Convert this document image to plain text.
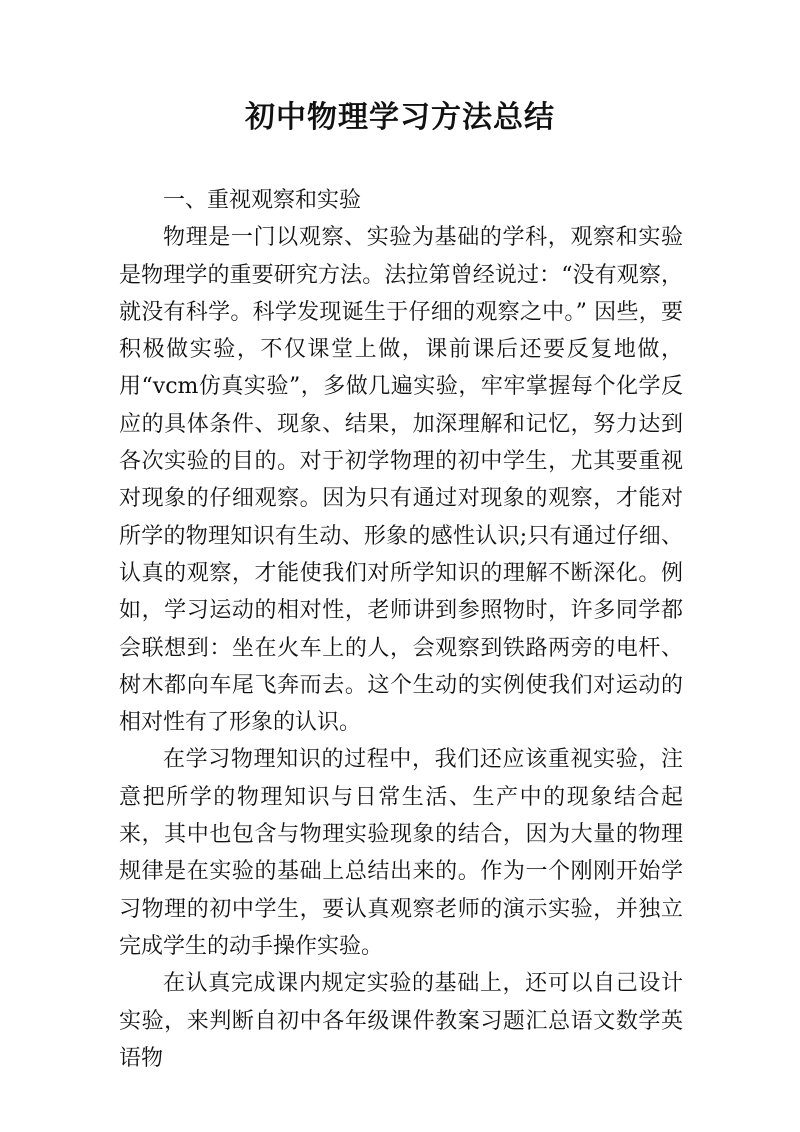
初中物理学习方法总结

一、重视观察和实验

物理是一门以观察、实验为基础的学科，观察和实验是物理学的重要研究方法。法拉第曾经说过：“没有观察，就没有科学。科学发现诞生于仔细的观察之中。” 因些，要积极做实验，不仅课堂上做，课前课后还要反复地做，用“vcm仿真实验”，多做几遍实验，牢牢掌握每个化学反应的具体条件、现象、结果，加深理解和记忆，努力达到各次实验的目的。对于初学物理的初中学生，尤其要重视对现象的仔细观察。因为只有通过对现象的观察，才能对所学的物理知识有生动、形象的感性认识;只有通过仔细、认真的观察，才能使我们对所学知识的理解不断深化。例如，学习运动的相对性，老师讲到参照物时，许多同学都会联想到：坐在火车上的人，会观察到铁路两旁的电杆、树木都向车尾飞奔而去。这个生动的实例使我们对运动的相对性有了形象的认识。

在学习物理知识的过程中，我们还应该重视实验，注意把所学的物理知识与日常生活、生产中的现象结合起来，其中也包含与物理实验现象的结合，因为大量的物理规律是在实验的基础上总结出来的。作为一个刚刚开始学习物理的初中学生，要认真观察老师的演示实验，并独立完成学生的动手操作实验。

在认真完成课内规定实验的基础上，还可以自己设计实验，来判断自初中各年级课件教案习题汇总语文数学英语物
